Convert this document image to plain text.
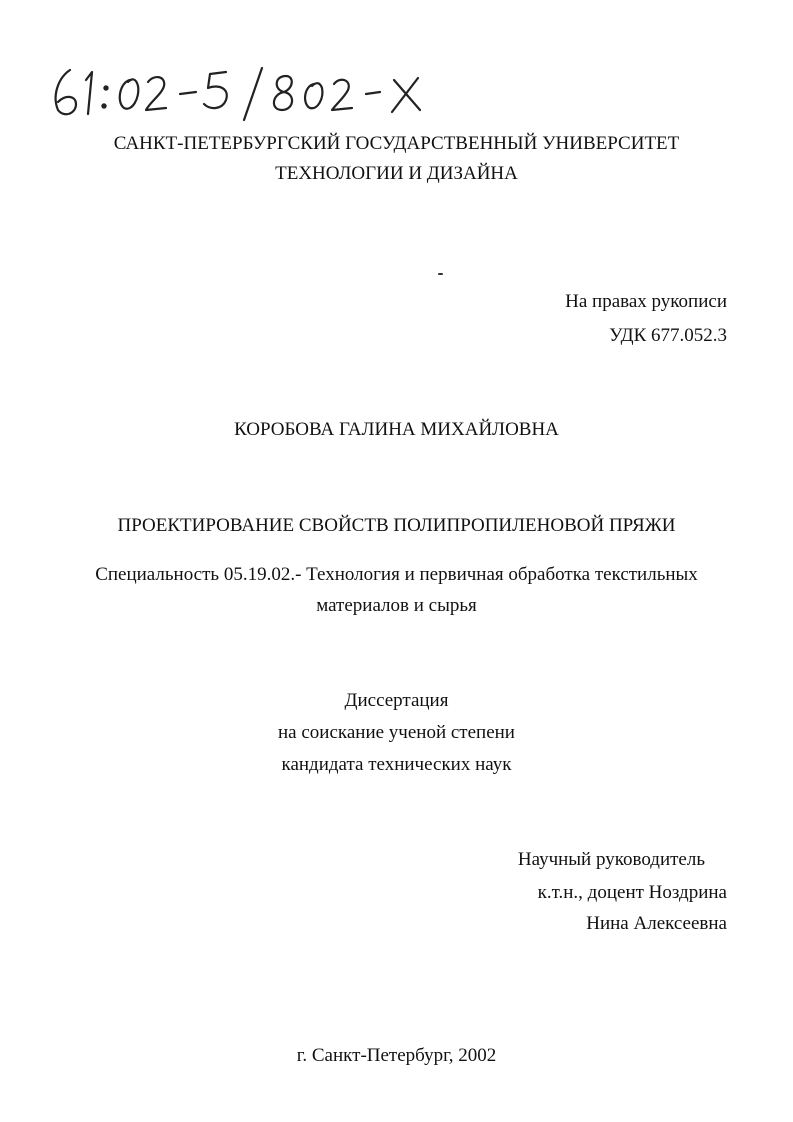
САНКТ-ПЕТЕРБУРГСКИЙ ГОСУДАРСТВЕННЫЙ УНИВЕРСИТЕТ
ТЕХНОЛОГИИ И ДИЗАЙНА
На правах рукописи
УДК 677.052.3
КОРОБОВА ГАЛИНА МИХАЙЛОВНА
ПРОЕКТИРОВАНИЕ СВОЙСТВ ПОЛИПРОПИЛЕНОВОЙ ПРЯЖИ
Специальность 05.19.02.- Технология и первичная обработка текстильных
материалов и сырья
Диссертация
на соискание ученой степени
кандидата технических наук
Научный руководитель
к.т.н., доцент Ноздрина
Нина Алексеевна
г. Санкт-Петербург, 2002
